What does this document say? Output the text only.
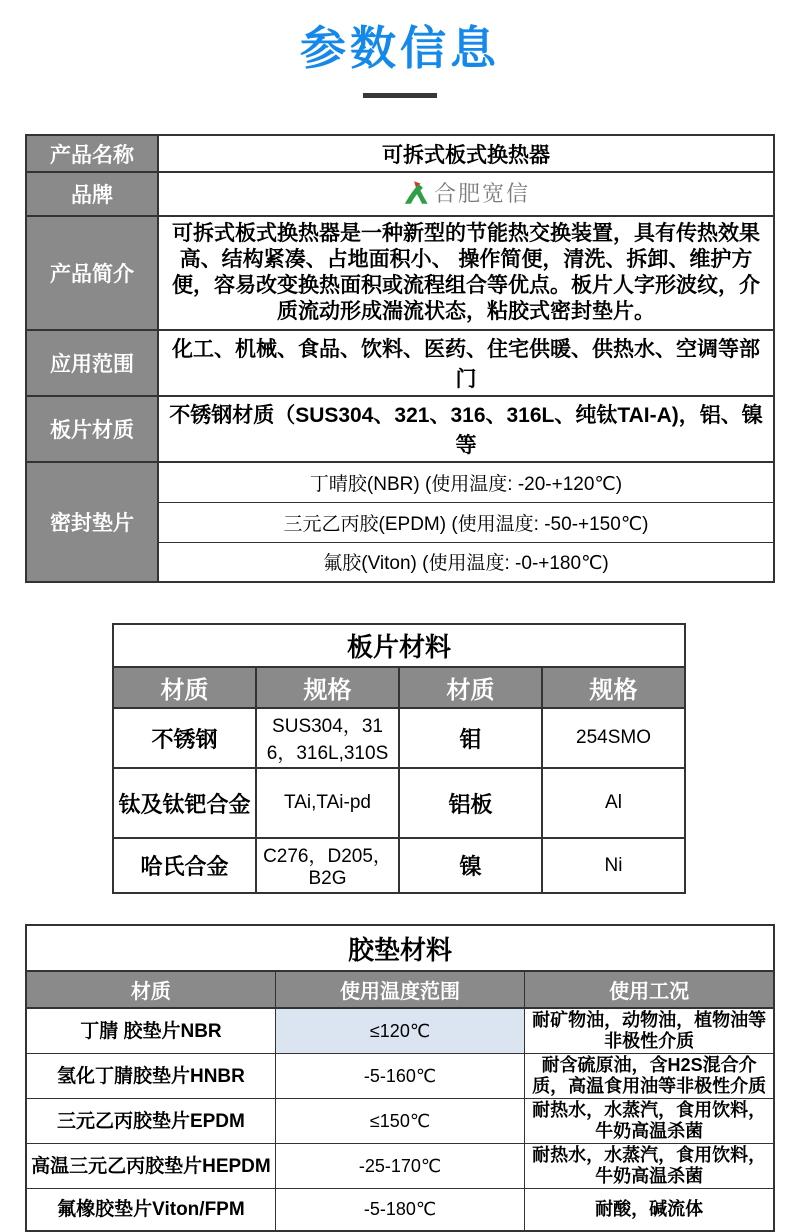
参数信息
产品名称	可拆式板式换热器
品牌	合肥宽信

产品简介	可拆式板式换热器是一种新型的节能热交换装置，具有传热效果高、结构紧凑、占地面积小、 操作简便，清洗、拆卸、维护方便，容易改变换热面积或流程组合等优点。板片人字形波纹，介质流动形成湍流状态，粘胶式密封垫片。
应用范围	化工、机械、食品、饮料、医药、住宅供暖、供热水、空调等部门
板片材质	不锈钢材质（SUS304、321、316、316L、纯钛TAI-A)，铝、镍等
密封垫片	丁晴胶(NBR) (使用温度: -20-+120℃)
	三元乙丙胶(EPDM) (使用温度: -50-+150℃)
	氟胶(Viton) (使用温度: -0-+180℃)
板片材料			
材质	规格	材质	规格
不锈钢	SUS304，316，316L,310S	钼	254SMO
钛及钛钯合金	TAi,TAi-pd	铝板	Al
哈氏合金	C276，D205，B2G	镍	Ni
胶垫材料		
材质	使用温度范围	使用工况
丁腈 胶垫片NBR	≤120℃	耐矿物油，动物油，植物油等非极性介质
氢化丁腈胶垫片HNBR	-5-160℃	耐含硫原油，含H2S混合介质，高温食用油等非极性介质
三元乙丙胶垫片EPDM	≤150℃	耐热水，水蒸汽，食用饮料，牛奶高温杀菌
高温三元乙丙胶垫片HEPDM	-25-170℃	耐热水，水蒸汽，食用饮料，牛奶高温杀菌
氟橡胶垫片Viton/FPM	-5-180℃	耐酸，碱流体
